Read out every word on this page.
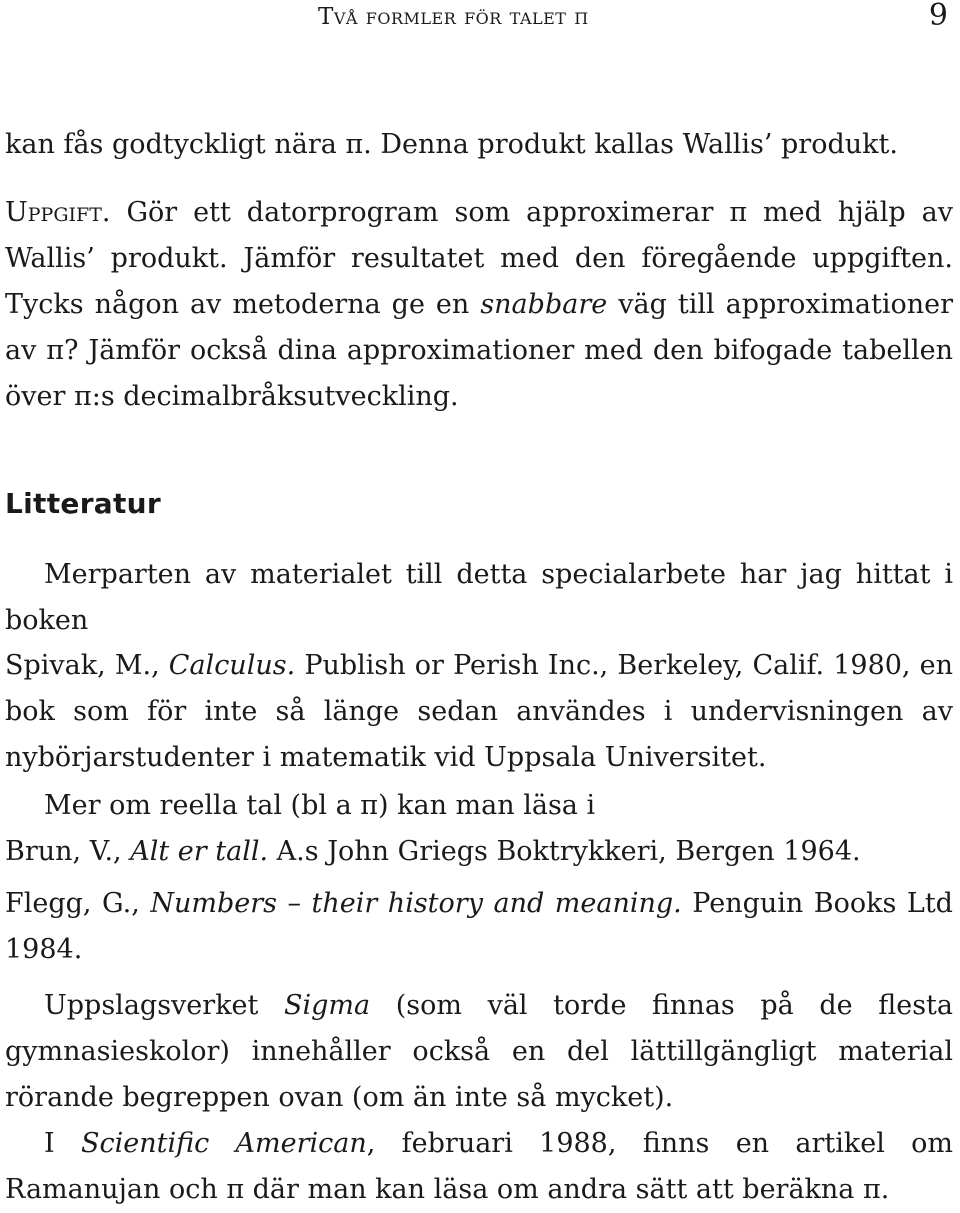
Två formler för talet π	9

kan fås godtyckligt nära π. Denna produkt kallas Wallis’ produkt.

Uppgift. Gör ett datorprogram som approximerar π med hjälp av Wallis’ produkt. Jämför resultatet med den föregående uppgiften. Tycks någon av metoderna ge en snabbare väg till approximationer av π? Jämför också dina approximationer med den bifogade tabellen över π:s decimalbråksutveckling.

Litteratur

Merparten av materialet till detta specialarbete har jag hittat i boken

Spivak, M., Calculus. Publish or Perish Inc., Berkeley, Calif. 1980, en bok som för inte så länge sedan användes i undervisningen av nybörjarstudenter i matematik vid Uppsala Universitet.

Mer om reella tal (bl a π) kan man läsa i

Brun, V., Alt er tall. A.s John Griegs Boktrykkeri, Bergen 1964.

Flegg, G., Numbers – their history and meaning. Penguin Books Ltd 1984.

Uppslagsverket Sigma (som väl torde finnas på de flesta gymnasieskolor) innehåller också en del lättillgängligt material rörande begreppen ovan (om än inte så mycket).

I Scientific American, februari 1988, finns en artikel om Ramanujan och π där man kan läsa om andra sätt att beräkna π.
